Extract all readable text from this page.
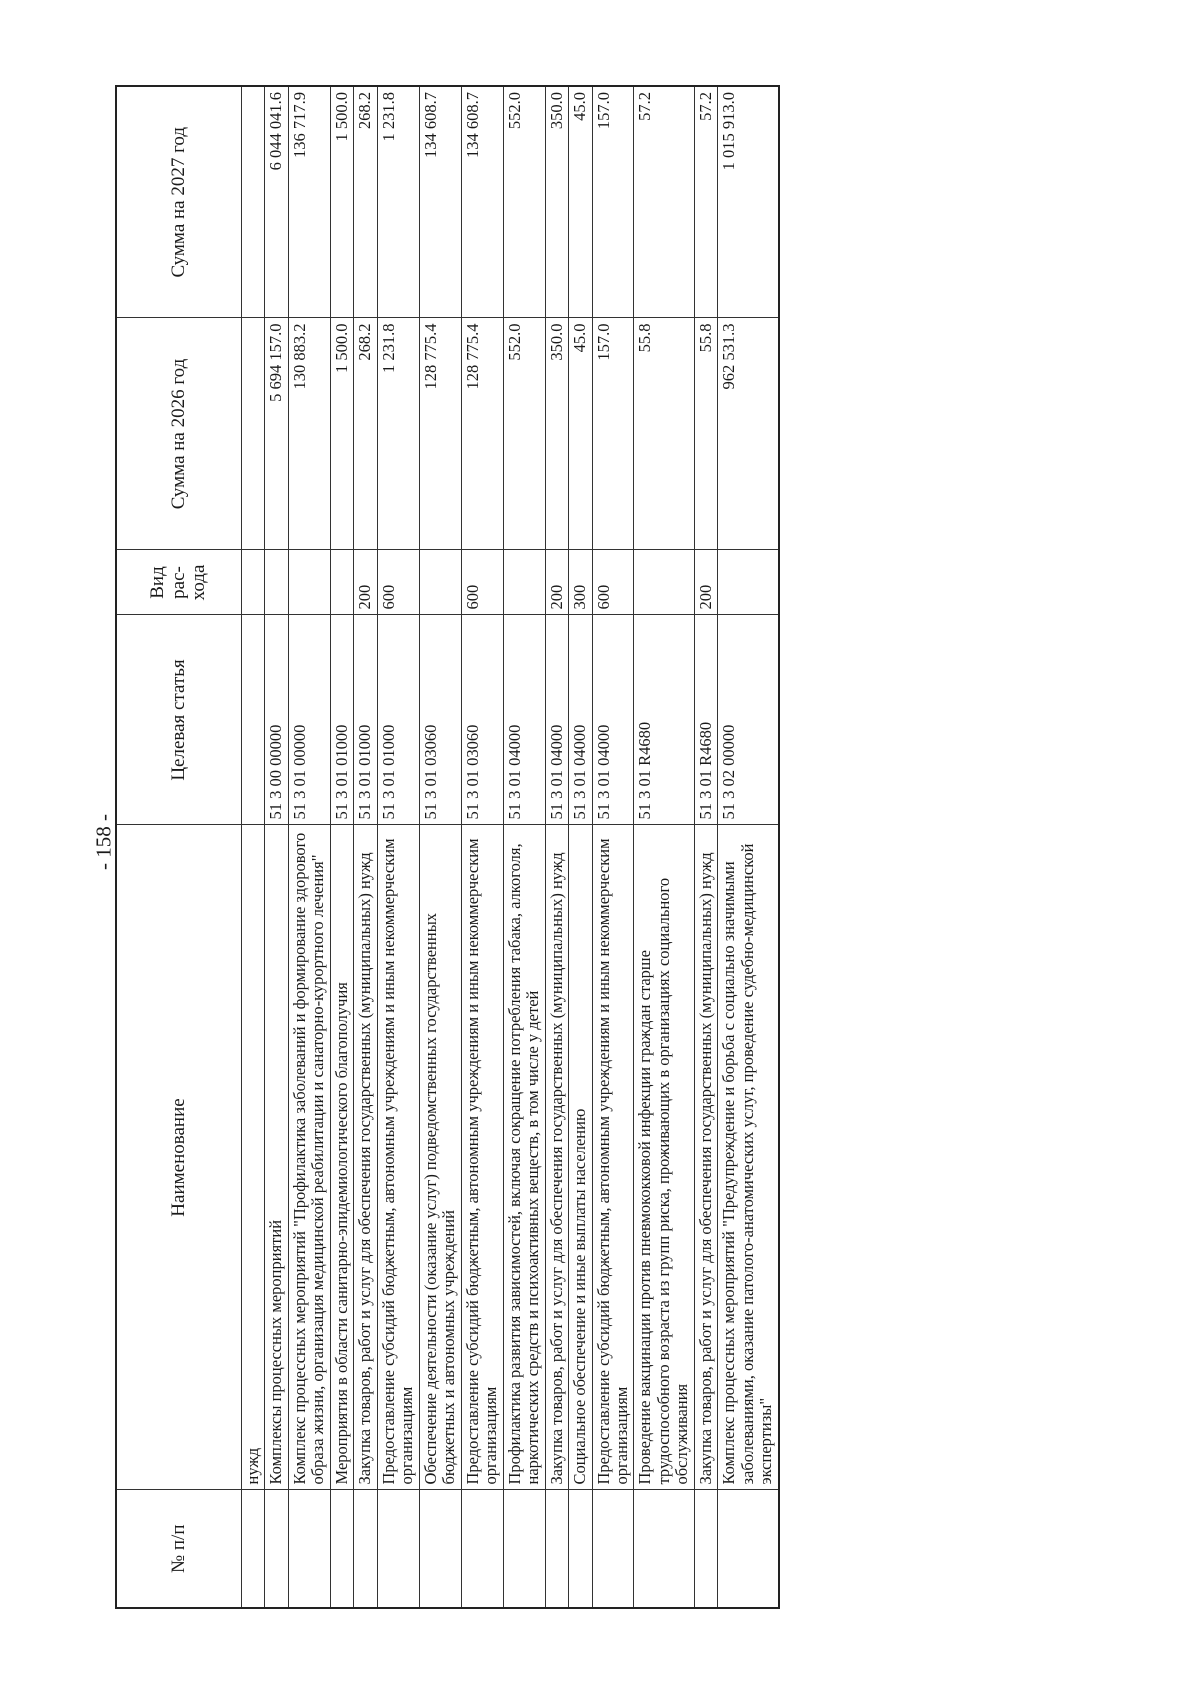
- 158 -
№ п/п	Наименование	Целевая статья	Вид рас-хода	Сумма на 2026 год	Сумма на 2027 год
	нужд				
	Комплексы процессных мероприятий	51 3 00 00000		5 694 157.0	6 044 041.6
	Комплекс процессных мероприятий "Профилактика заболеваний и формирование здорового образа жизни, организация медицинской реабилитации и санаторно-курортного лечения"	51 3 01 00000		130 883.2	136 717.9
	Мероприятия в области санитарно-эпидемиологического благополучия	51 3 01 01000		1 500.0	1 500.0
	Закупка товаров, работ и услуг для обеспечения государственных (муниципальных) нужд	51 3 01 01000	200	268.2	268.2
	Предоставление субсидий бюджетным, автономным учреждениям и иным некоммерческим организациям	51 3 01 01000	600	1 231.8	1 231.8
	Обеспечение деятельности (оказание услуг) подведомственных государственных бюджетных и автономных учреждений	51 3 01 03060		128 775.4	134 608.7
	Предоставление субсидий бюджетным, автономным учреждениям и иным некоммерческим организациям	51 3 01 03060	600	128 775.4	134 608.7
	Профилактика развития зависимостей, включая сокращение потребления табака, алкоголя, наркотических средств и психоактивных веществ, в том числе у детей	51 3 01 04000		552.0	552.0
	Закупка товаров, работ и услуг для обеспечения государственных (муниципальных) нужд	51 3 01 04000	200	350.0	350.0
	Социальное обеспечение и иные выплаты населению	51 3 01 04000	300	45.0	45.0
	Предоставление субсидий бюджетным, автономным учреждениям и иным некоммерческим организациям	51 3 01 04000	600	157.0	157.0
	Проведение вакцинации против пневмококковой инфекции граждан старше трудоспособного возраста из групп риска, проживающих в организациях социального обслуживания	51 3 01 R4680		55.8	57.2
	Закупка товаров, работ и услуг для обеспечения государственных (муниципальных) нужд	51 3 01 R4680	200	55.8	57.2
	Комплекс процессных мероприятий "Предупреждение и борьба с социально значимыми заболеваниями, оказание патолого-анатомических услуг, проведение судебно-медицинской экспертизы"	51 3 02 00000		962 531.3	1 015 913.0
